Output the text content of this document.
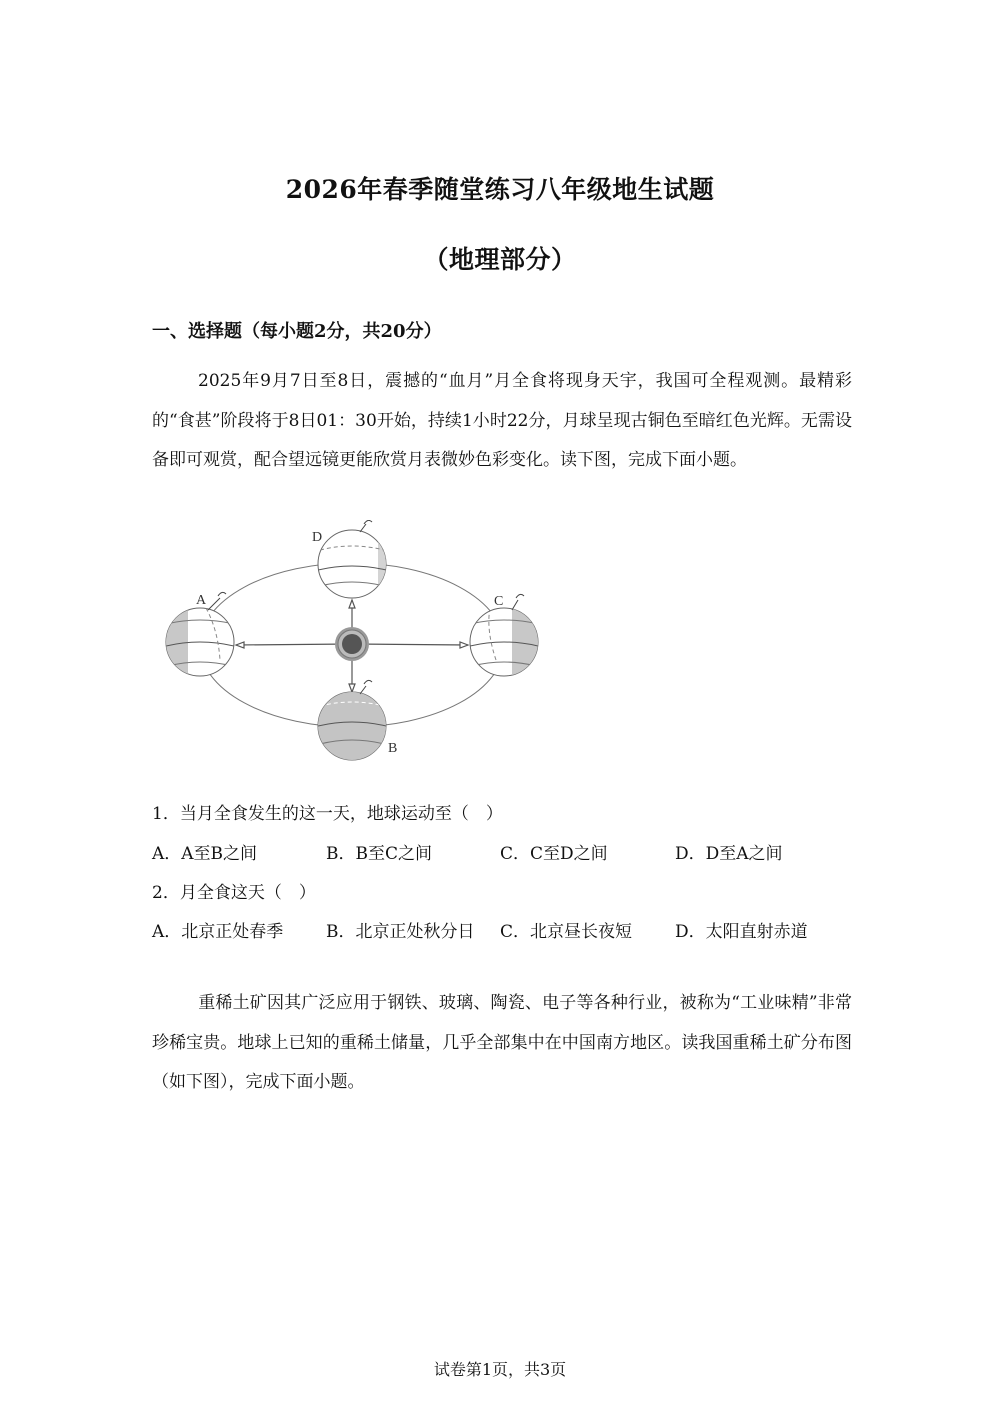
2026年春季随堂练习八年级地生试题
（地理部分）
一、选择题（每小题2分，共20分）
2025年9月7日至8日，震撼的“血月”月全食将现身天宇，我国可全程观测。最精彩的“食甚”阶段将于8日01：30开始，持续1小时22分，月球呈现古铜色至暗红色光辉。无需设备即可观赏，配合望远镜更能欣赏月表微妙色彩变化。读下图，完成下面小题。
A
B
C
D
1．当月全食发生的这一天，地球运动至（　）
A．A至B之间	B．B至C之间	C．C至D之间	D．D至A之间
2．月全食这天（　）
A．北京正处春季	B．北京正处秋分日 C．北京昼长夜短	D．太阳直射赤道
重稀土矿因其广泛应用于钢铁、玻璃、陶瓷、电子等各种行业，被称为“工业味精”非常珍稀宝贵。地球上已知的重稀土储量，几乎全部集中在中国南方地区。读我国重稀土矿分布图（如下图），完成下面小题。
试卷第1页，共3页
